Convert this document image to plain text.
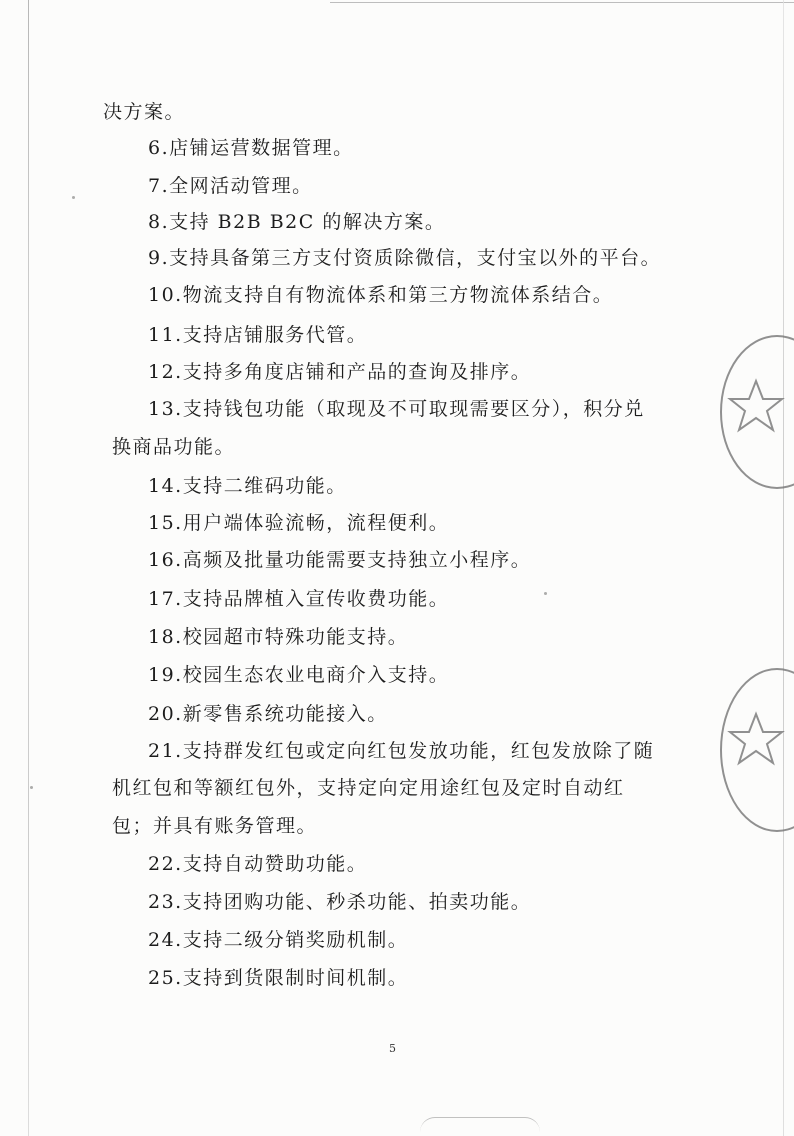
决方案。
6.店铺运营数据管理。
7.全网活动管理。
8.支持 B2B B2C 的解决方案。
9.支持具备第三方支付资质除微信，支付宝以外的平台。
10.物流支持自有物流体系和第三方物流体系结合。
11.支持店铺服务代管。
12.支持多角度店铺和产品的查询及排序。
13.支持钱包功能（取现及不可取现需要区分），积分兑
换商品功能。
14.支持二维码功能。
15.用户端体验流畅，流程便利。
16.高频及批量功能需要支持独立小程序。
17.支持品牌植入宣传收费功能。
18.校园超市特殊功能支持。
19.校园生态农业电商介入支持。
20.新零售系统功能接入。
21.支持群发红包或定向红包发放功能，红包发放除了随
机红包和等额红包外，支持定向定用途红包及定时自动红
包；并具有账务管理。
22.支持自动赞助功能。
23.支持团购功能、秒杀功能、拍卖功能。
24.支持二级分销奖励机制。
25.支持到货限制时间机制。
5
